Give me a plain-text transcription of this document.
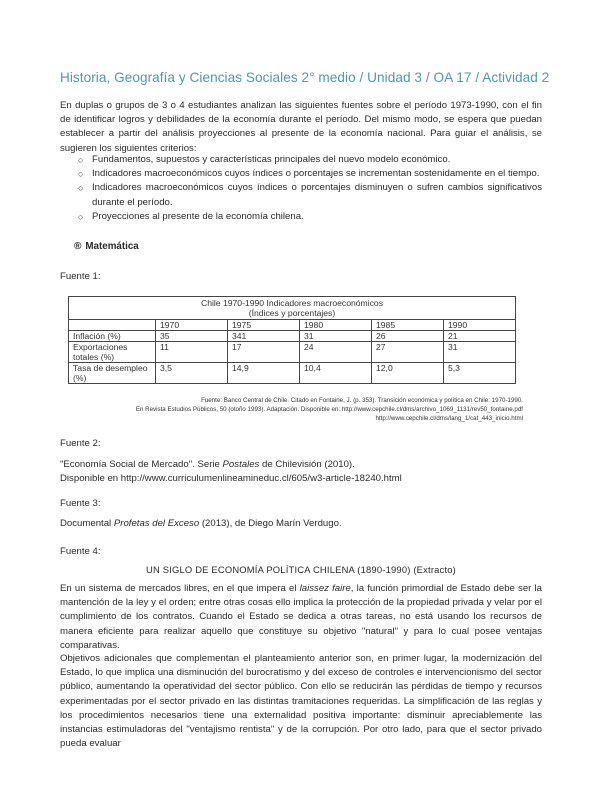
Historia, Geografía y Ciencias Sociales 2° medio / Unidad 3 / OA 17 / Actividad 2

En duplas o grupos de 3 o 4 estudiantes analizan las siguientes fuentes sobre el período 1973-1990, con el fin de identificar logros y debilidades de la economía durante el período. Del mismo modo, se espera que puedan establecer a partir del análisis proyecciones al presente de la economía nacional. Para guiar el análisis, se sugieren los siguientes criterios:

○ Fundamentos, supuestos y características principales del nuevo modelo económico.
○ Indicadores macroeconómicos cuyos índices o porcentajes se incrementan sostenidamente en el tiempo.
○ Indicadores macroeconómicos cuyos índices o porcentajes disminuyen o sufren cambios significativos durante el período.
○ Proyecciones al presente de la economía chilena.
® Matemática
Fuente 1:
Chile 1970-1990 Indicadores macroeconómicos
(Índices y porcentajes)					

	1970	1975	1980	1985	1990
Inflación (%)	35	341	31	26	21
Exportaciones totales (%)	11	17	24	27	31
Tasa de desempleo (%)	3,5	14,9	10,4	12,0	5,3
Fuente: Banco Central de Chile. Citado en Fontaine, J. (p. 353). Transición económica y política en Chile: 1970-1990.
En Revista Estudios Públicos, 50 (otoño 1993). Adaptación. Disponible en: http://www.cepchile.cl/dms/archivo_1069_1131/rev50_fontaine.pdf
http://www.cepchile.cl/dms/lang_1/cat_443_inicio.html
Fuente 2:

"Economía Social de Mercado". Serie Postales de Chilevisión (2010).
Disponible en http://www.curriculumenlineamineduc.cl/605/w3-article-18240.html

Fuente 3:

Documental Profetas del Exceso (2013), de Diego Marín Verdugo.

Fuente 4:
UN SIGLO DE ECONOMÍA POLÍTICA CHILENA (1890-1990) (Extracto)

En un sistema de mercados libres, en el que impera el laissez faire, la función primordial de Estado debe ser la mantención de la ley y el orden; entre otras cosas ello implica la protección de la propiedad privada y velar por el cumplimiento de los contratos. Cuando el Estado se dedica a otras tareas, no está usando los recursos de manera eficiente para realizar aquello que constituye su objetivo "natural" y para lo cual posee ventajas comparativas.

Objetivos adicionales que complementan el planteamiento anterior son, en primer lugar, la modernización del Estado, lo que implica una disminución del burocratismo y del exceso de controles e intervencionismo del sector público, aumentando la operatividad del sector público. Con ello se reducirán las pérdidas de tiempo y recursos experimentadas por el sector privado en las distintas tramitaciones requeridas. La simplificación de las reglas y los procedimientos necesarios tiene una externalidad positiva importante: disminuir apreciablemente las instancias estimuladoras del "ventajismo rentista" y de la corrupción. Por otro lado, para que el sector privado pueda evaluar
